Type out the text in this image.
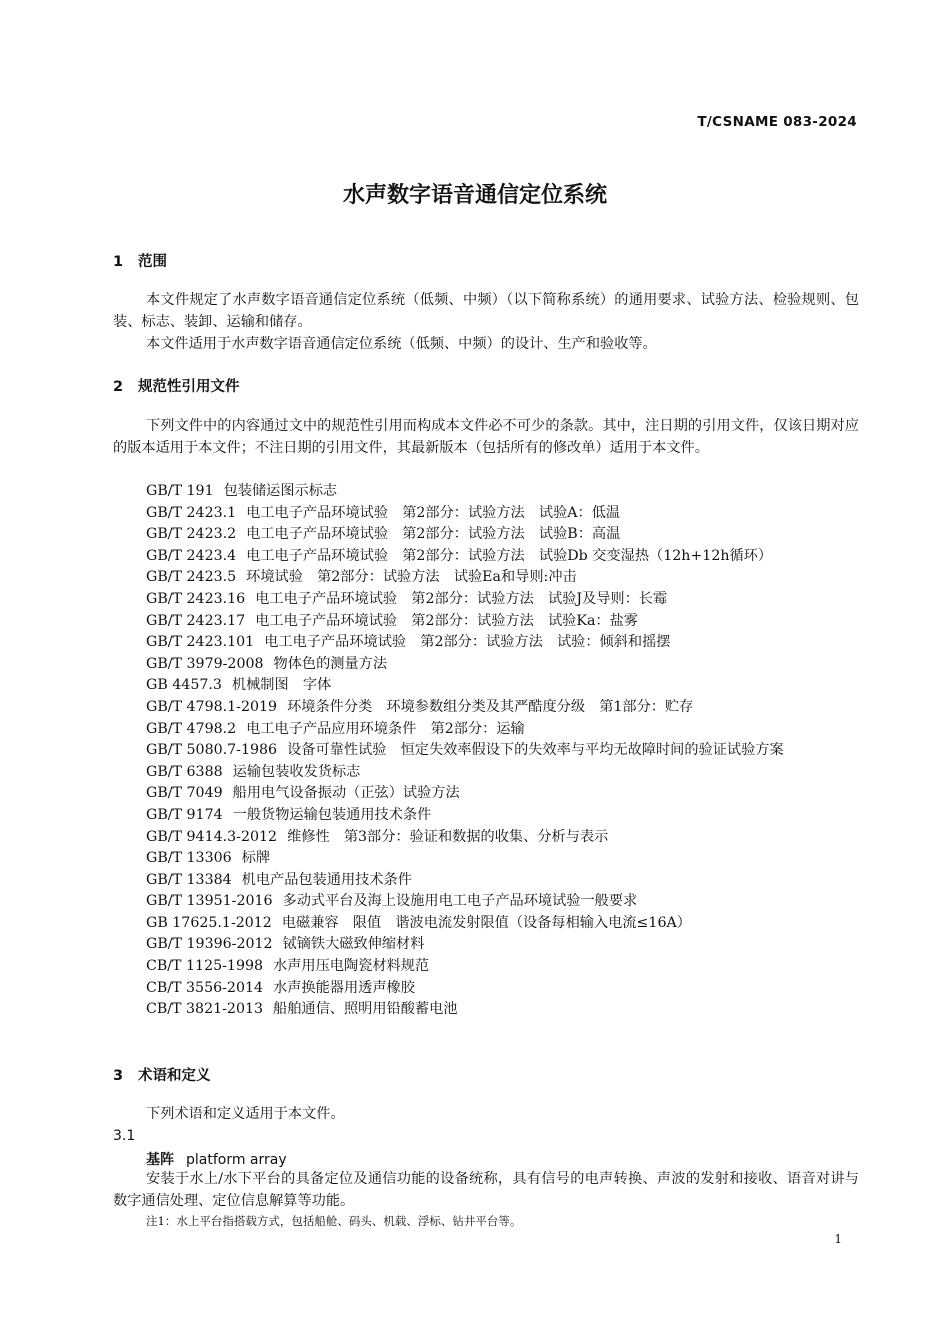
T/CSNAME 083-2024
水声数字语音通信定位系统
1 范围

本文件规定了水声数字语音通信定位系统（低频、中频）（以下简称系统）的通用要求、试验方法、检验规则、包装、标志、装卸、运输和储存。

本文件适用于水声数字语音通信定位系统（低频、中频）的设计、生产和验收等。

2 规范性引用文件

下列文件中的内容通过文中的规范性引用而构成本文件必不可少的条款。其中，注日期的引用文件，仅该日期对应的版本适用于本文件；不注日期的引用文件，其最新版本（包括所有的修改单）适用于本文件。

GB/T 191 包装储运图示标志

GB/T 2423.1 电工电子产品环境试验　第2部分：试验方法　试验A：低温

GB/T 2423.2 电工电子产品环境试验　第2部分：试验方法　试验B：高温

GB/T 2423.4 电工电子产品环境试验　第2部分：试验方法　试验Db 交变湿热（12h+12h循环）

GB/T 2423.5 环境试验　第2部分：试验方法　试验Ea和导则:冲击

GB/T 2423.16 电工电子产品环境试验　第2部分：试验方法　试验J及导则：长霉

GB/T 2423.17 电工电子产品环境试验　第2部分：试验方法　试验Ka：盐雾

GB/T 2423.101 电工电子产品环境试验　第2部分：试验方法　试验：倾斜和摇摆

GB/T 3979-2008 物体色的测量方法

GB 4457.3 机械制图　字体

GB/T 4798.1-2019 环境条件分类　环境参数组分类及其严酷度分级　第1部分：贮存

GB/T 4798.2 电工电子产品应用环境条件　第2部分：运输

GB/T 5080.7-1986 设备可靠性试验　恒定失效率假设下的失效率与平均无故障时间的验证试验方案

GB/T 6388 运输包装收发货标志

GB/T 7049 船用电气设备振动（正弦）试验方法

GB/T 9174 一般货物运输包装通用技术条件

GB/T 9414.3-2012 维修性　第3部分：验证和数据的收集、分析与表示

GB/T 13306 标牌

GB/T 13384 机电产品包装通用技术条件

GB/T 13951-2016 多动式平台及海上设施用电工电子产品环境试验一般要求

GB 17625.1-2012 电磁兼容　限值　谐波电流发射限值（设备每相输入电流≤16A）

GB/T 19396-2012 铽镝铁大磁致伸缩材料

CB/T 1125-1998 水声用压电陶瓷材料规范

CB/T 3556-2014 水声换能器用透声橡胶

CB/T 3821-2013 船舶通信、照明用铅酸蓄电池

3 术语和定义

下列术语和定义适用于本文件。

3.1
基阵 platform array

安装于水上/水下平台的具备定位及通信功能的设备统称，具有信号的电声转换、声波的发射和接收、语音对讲与数字通信处理、定位信息解算等功能。

注1：水上平台指搭载方式，包括船舱、码头、机载、浮标、钻井平台等。
1
